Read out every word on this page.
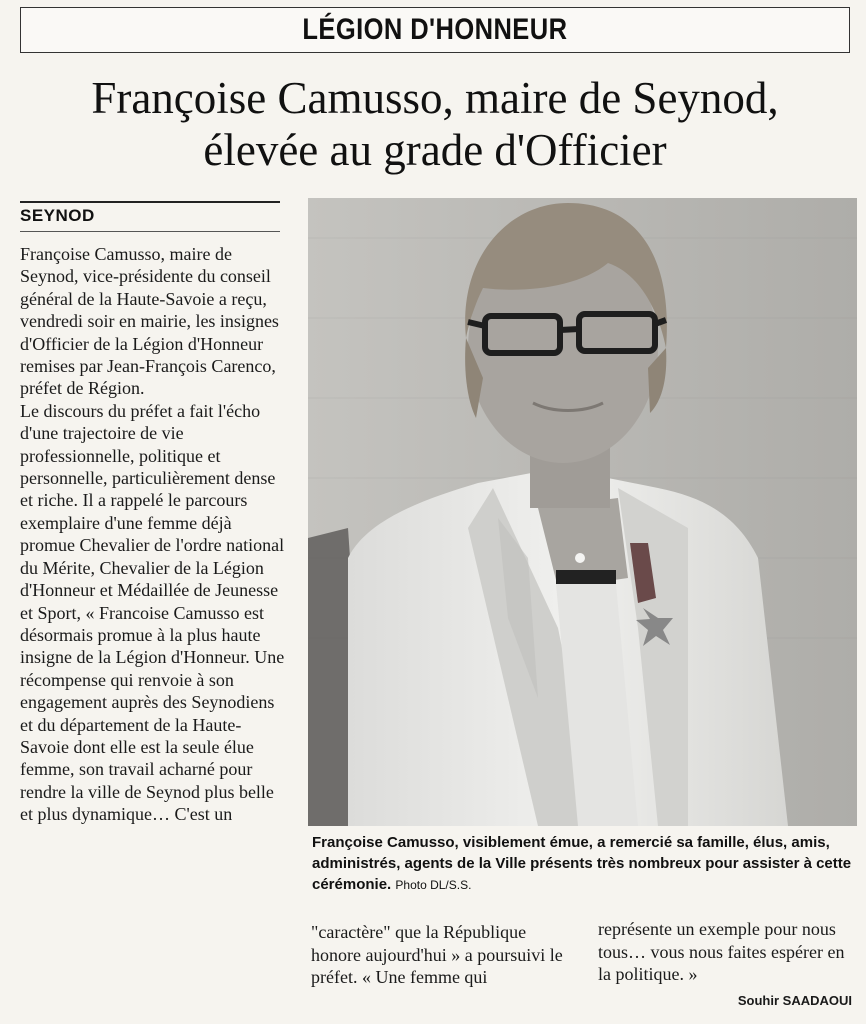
LÉGION D'HONNEUR
Françoise Camusso, maire de Seynod,
élevée au grade d'Officier
SEYNOD

Françoise Camusso, maire de Seynod, vice-présidente du conseil général de la Haute-Savoie a reçu, vendredi soir en mairie, les insignes d'Officier de la Légion d'Honneur remises par Jean-François Carenco, préfet de Région.

Le discours du préfet a fait l'écho d'une trajectoire de vie professionnelle, politique et personnelle, particulièrement dense et riche. Il a rappelé le parcours exemplaire d'une femme déjà promue Chevalier de l'ordre national du Mérite, Chevalier de la Légion d'Honneur et Médaillée de Jeunesse et Sport, « Francoise Camusso est désormais promue à la plus haute insigne de la Légion d'Honneur. Une récompense qui renvoie à son engagement auprès des Seynodiens et du département de la Haute-Savoie dont elle est la seule élue femme, son travail acharné pour rendre la ville de Seynod plus belle et plus dynamique… C'est un

Françoise Camusso, visiblement émue, a remercié sa famille, élus, amis, administrés, agents de la Ville présents très nombreux pour assister à cette cérémonie. Photo DL/S.S.

"caractère" que la République honore aujourd'hui » a poursuivi le préfet. « Une femme qui

représente un exemple pour nous tous… vous nous faites espérer en la politique. »

Souhir SAADAOUI
